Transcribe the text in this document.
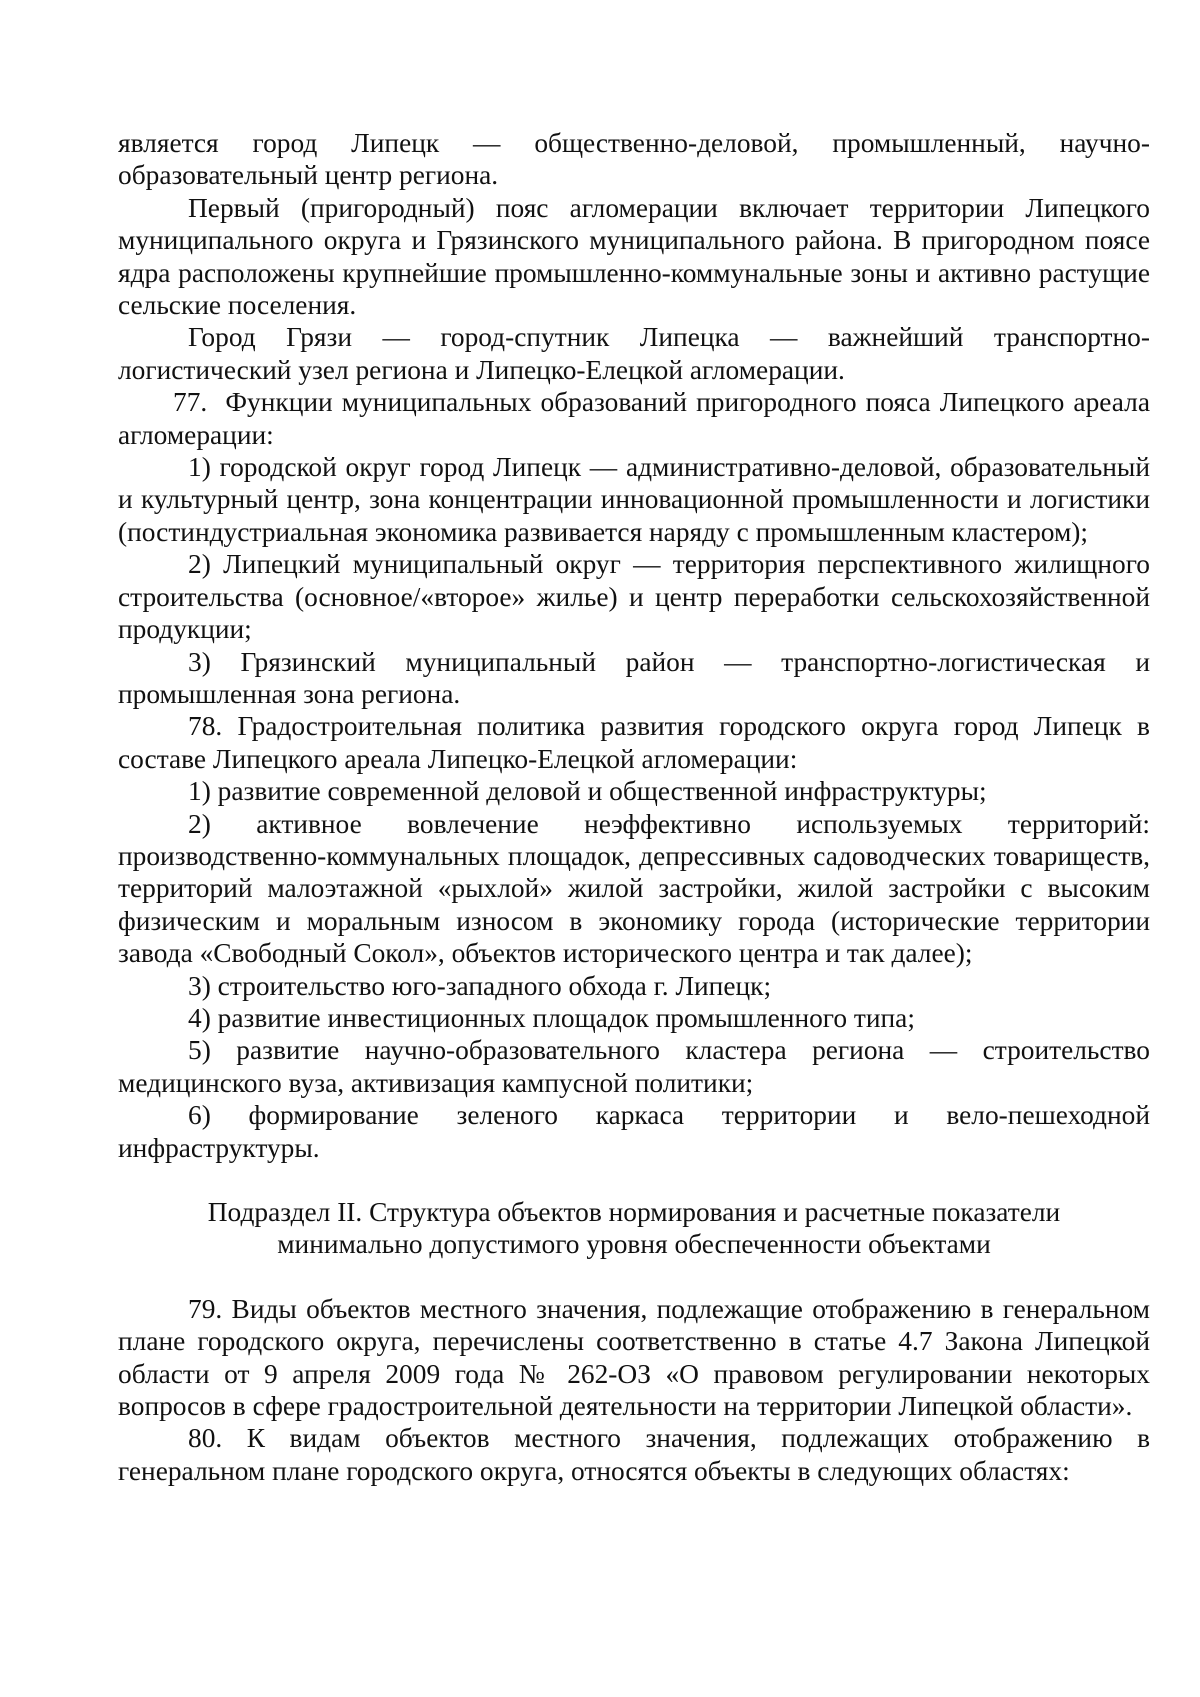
является город Липецк — общественно-деловой, промышленный, научно-образовательный центр региона.

Первый (пригородный) пояс агломерации включает территории Липецкого муниципального округа и Грязинского муниципального района. В пригородном поясе ядра расположены крупнейшие промышленно-коммунальные зоны и активно растущие сельские поселения.

Город Грязи — город-спутник Липецка — важнейший транспортно-логистический узел региона и Липецко-Елецкой агломерации.

77.  Функции муниципальных образований пригородного пояса Липецкого ареала агломерации:

1) городской округ город Липецк — административно-деловой, образовательный и культурный центр, зона концентрации инновационной промышленности и логистики (постиндустриальная экономика развивается наряду с промышленным кластером);

2) Липецкий муниципальный округ — территория перспективного жилищного строительства (основное/«второе» жилье) и центр переработки сельскохозяйственной продукции;

3) Грязинский муниципальный район — транспортно-логистическая и промышленная зона региона.

78. Градостроительная политика развития городского округа город Липецк в составе Липецкого ареала Липецко-Елецкой агломерации:

1) развитие современной деловой и общественной инфраструктуры;

2) активное вовлечение неэффективно используемых территорий: производственно-коммунальных площадок, депрессивных садоводческих товариществ, территорий малоэтажной «рыхлой» жилой застройки, жилой застройки с высоким физическим и моральным износом в экономику города (исторические территории завода «Свободный Сокол», объектов исторического центра и так далее);

3) строительство юго-западного обхода г. Липецк;

4) развитие инвестиционных площадок промышленного типа;

5) развитие научно-образовательного кластера региона — строительство медицинского вуза, активизация кампусной политики;

6) формирование зеленого каркаса территории и вело-пешеходной инфраструктуры.

Подраздел II. Структура объектов нормирования и расчетные показатели

минимально допустимого уровня обеспеченности объектами

79. Виды объектов местного значения, подлежащие отображению в генеральном плане городского округа, перечислены соответственно в статье 4.7 Закона Липецкой области от 9 апреля 2009 года № 262-ОЗ «О правовом регулировании некоторых вопросов в сфере градостроительной деятельности на территории Липецкой области».

80. К видам объектов местного значения, подлежащих отображению в генеральном плане городского округа, относятся объекты в следующих областях:
